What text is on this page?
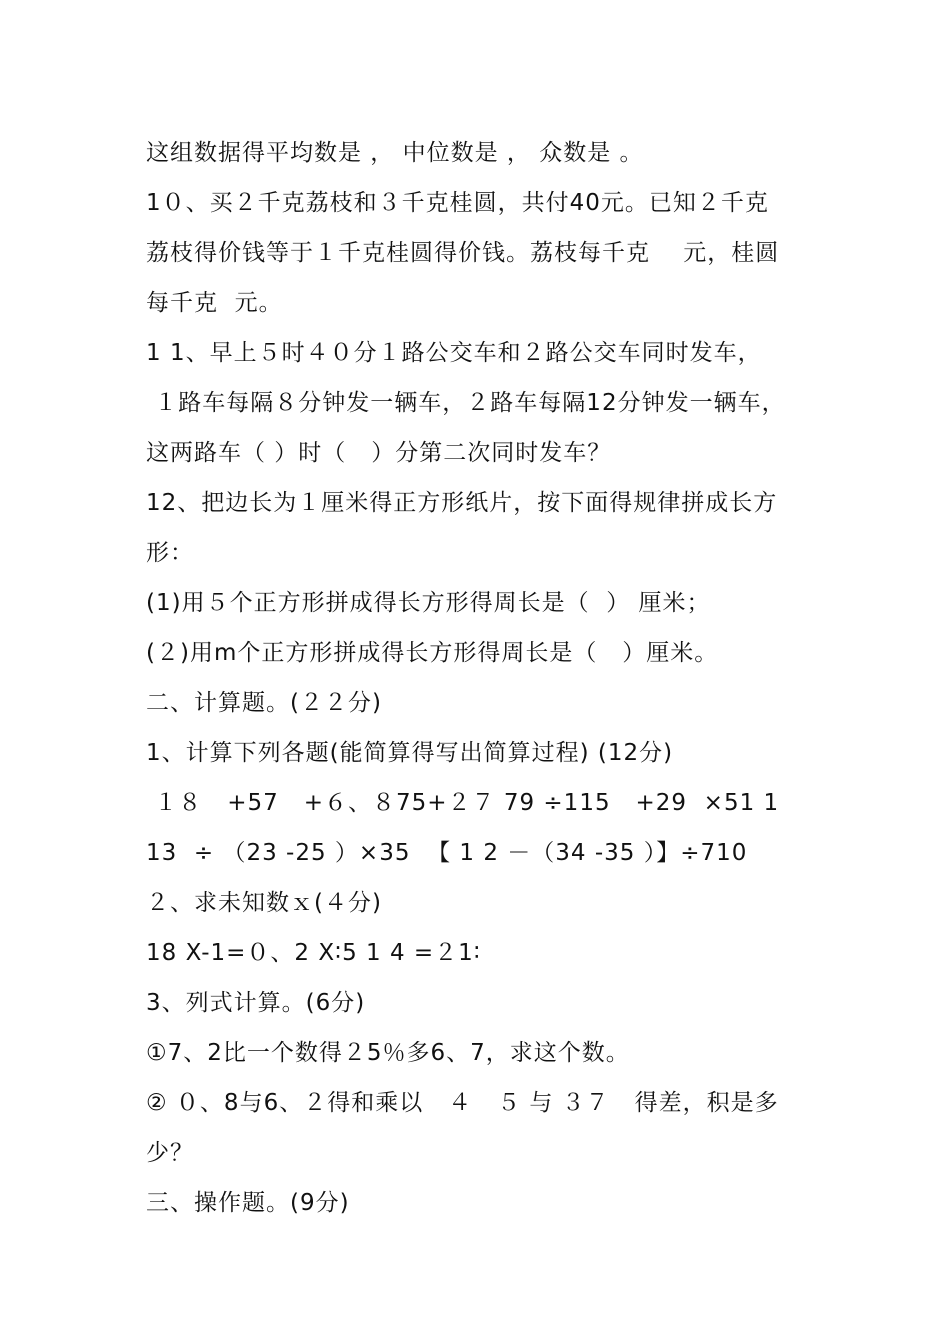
这组数据得平均数是 ， 中位数是 ， 众数是 。
1０、买２千克荔枝和３千克桂圆，共付40元。已知２千克
荔枝得价钱等于１千克桂圆得价钱。荔枝每千克    元，桂圆
每千克  元。
1 1、早上５时４０分１路公交车和２路公交车同时发车，
１路车每隔８分钟发一辆车，２路车每隔12分钟发一辆车，
这两路车（ ）时（   ）分第二次同时发车？
12、把边长为１厘米得正方形纸片，按下面得规律拼成长方
形：
(1)用５个正方形拼成得长方形得周长是（  ） 厘米；
(２)用m个正方形拼成得长方形得周长是（   ）厘米。
二、计算题。(２２分)
1、计算下列各题(能简算得写出简算过程) (12分)
１８   +57   +６、８75+２７ 79 ÷115   +29  ×51 1
13  ÷ （23 -25 ）×35  【 1 2 －（34 -35 ）】÷710
２、求未知数ｘ(４分)
18 X-1=０、2 X∶5 1 4 =２1∶
3、列式计算。(6分)
①7、2比一个数得２5％多6、7，求这个数。
② ０、8与6、２得和乘以   ４   ５ 与 ３７   得差，积是多
少？
三、操作题。(9分)
